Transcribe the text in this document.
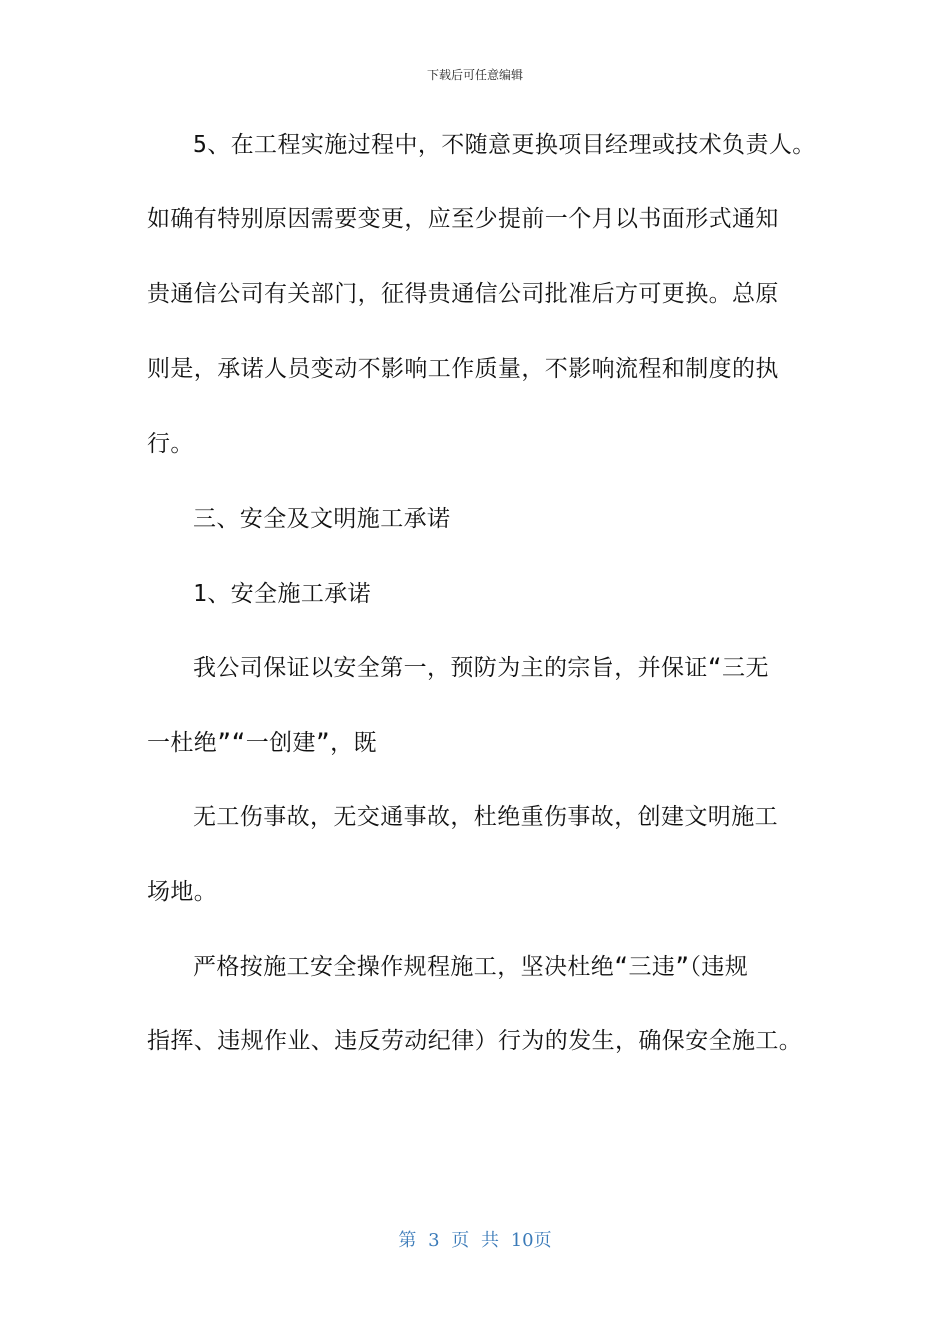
下载后可任意编辑
5、在工程实施过程中，不随意更换项目经理或技术负责人。
如确有特别原因需要变更，应至少提前一个月以书面形式通知
贵通信公司有关部门，征得贵通信公司批准后方可更换。总原
则是，承诺人员变动不影响工作质量，不影响流程和制度的执
行。
三、安全及文明施工承诺
1、安全施工承诺
我公司保证以安全第一，预防为主的宗旨，并保证“三无
一杜绝”“一创建”，既
无工伤事故，无交通事故，杜绝重伤事故，创建文明施工
场地。
严格按施工安全操作规程施工，坚决杜绝“三违”（违规
指挥、违规作业、违反劳动纪律）行为的发生，确保安全施工。
第 3 页 共 10页
